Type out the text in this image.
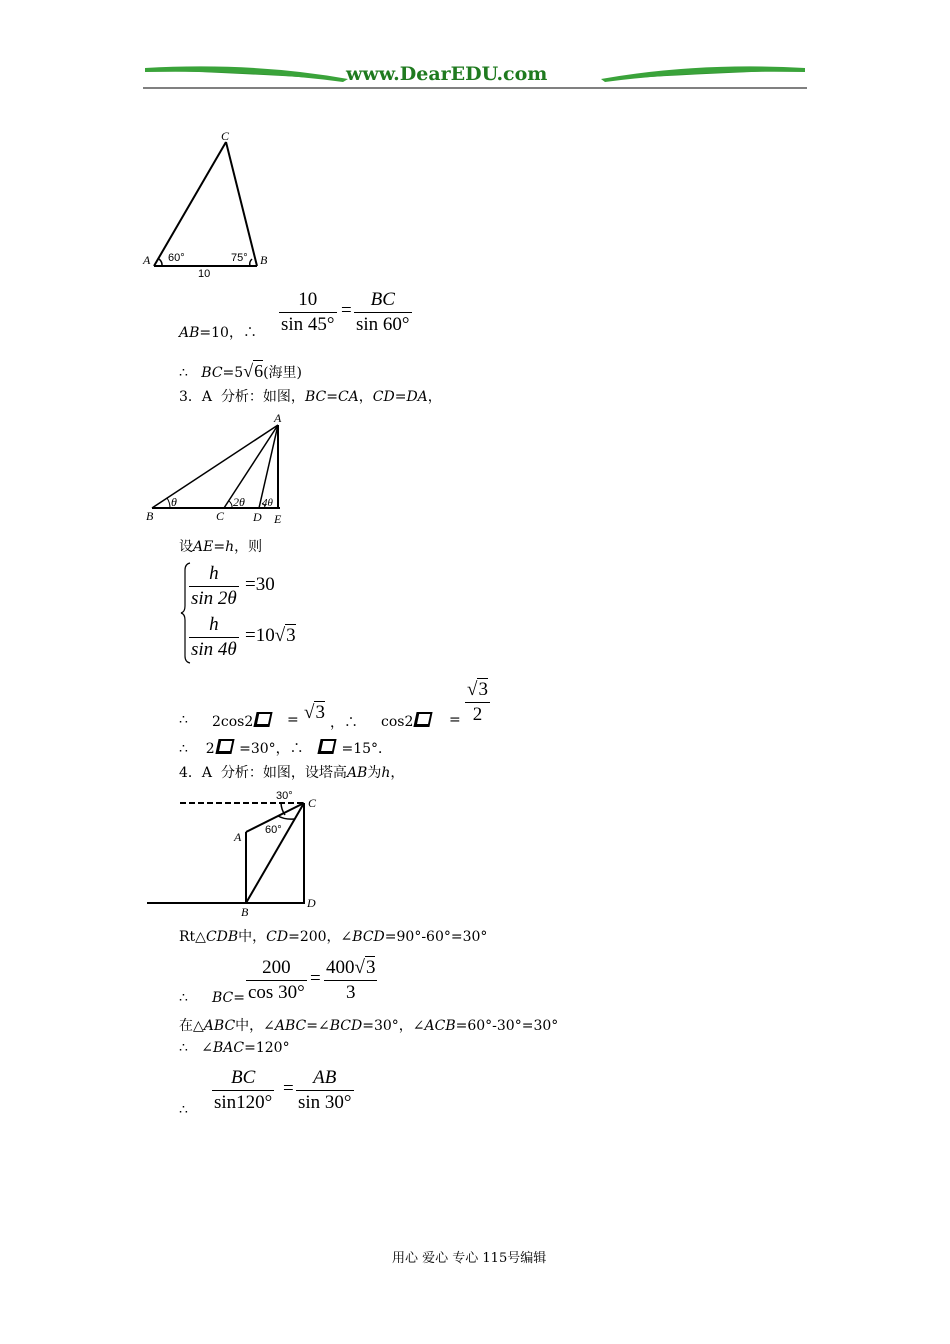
www.DearEDU.com
C
A	B
60°	75°
10
AB=10，∴
10
sin 45°
=
BC
sin 60°
∴ BC=5√6(海里)
3．A 分析：如图，BC=CA，CD=DA，
A
B	C D E
θ	2θ 4θ
设AE=h，则
h
sin 2θ
=30
h
sin 4θ
=10√3
∴ 2cos2	= √3 ，∴ cos2	=
√3
2
∴ 2 =30°，∴	=15°．
4．A 分析：如图，设塔高AB为h，
30°
60°
A
B
C
D
Rt△CDB中，CD=200，∠BCD=90°-60°=30°
∴ BC=
200
cos 30°
=
400√3
3
在△ABC中，∠ABC=∠BCD=30°，∠ACB=60°-30°=30°
∴ ∠BAC=120°
∴
BC
sin120°
=
AB
sin 30°
用心 爱心 专心 115号编辑
